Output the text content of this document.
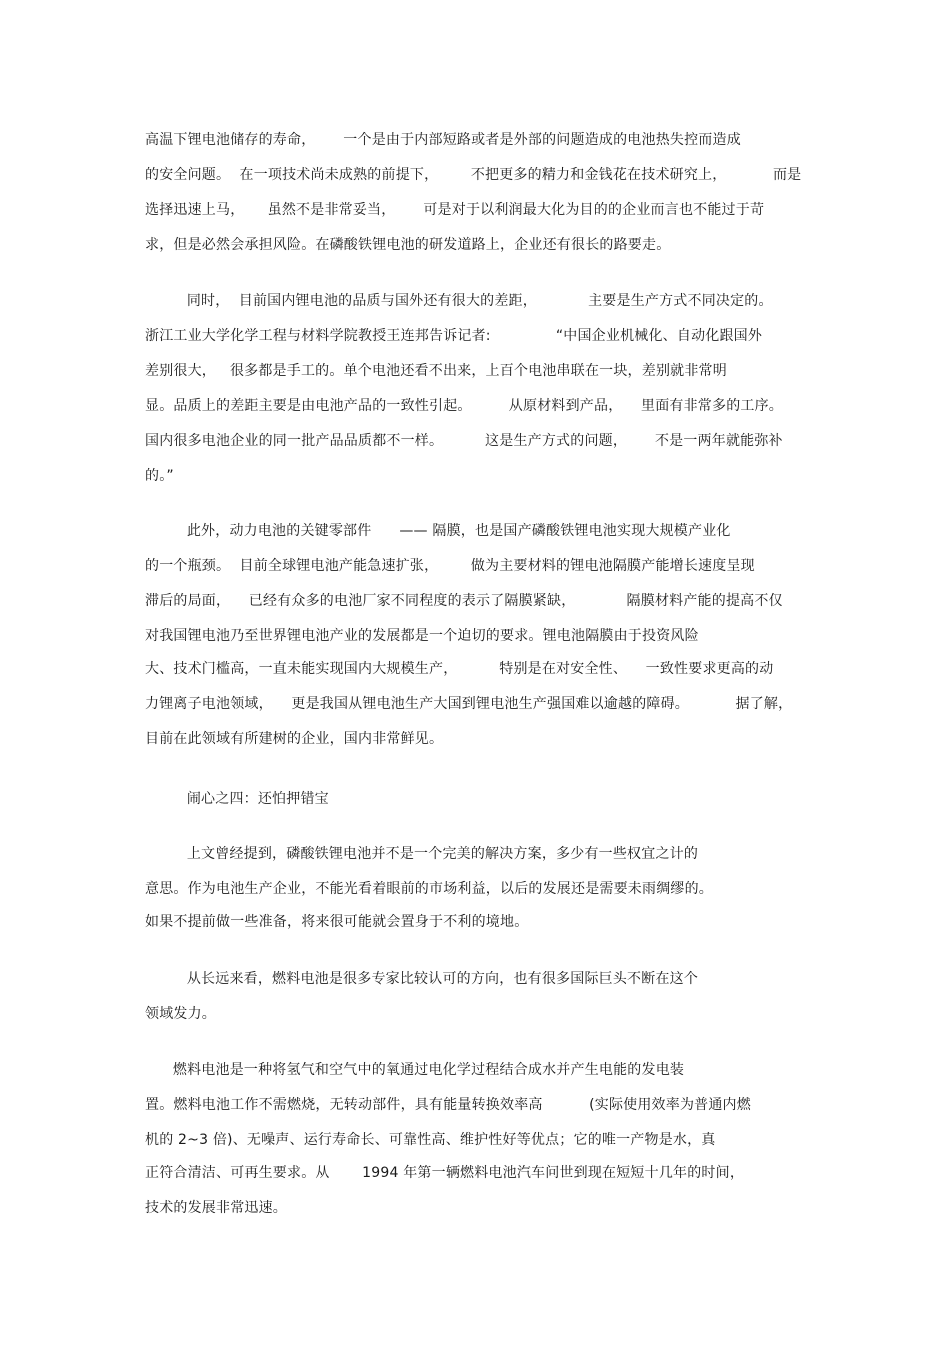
高温下锂电池储存的寿命，      一个是由于内部短路或者是外部的问题造成的电池热失控而造成
的安全问题。  在一项技术尚未成熟的前提下，       不把更多的精力和金钱花在技术研究上，          而是
选择迅速上马，     虽然不是非常妥当，      可是对于以利润最大化为目的的企业而言也不能过于苛
求，但是必然会承担风险。在磷酸铁锂电池的研发道路上，企业还有很长的路要走。
同时，  目前国内锂电池的品质与国外还有很大的差距，           主要是生产方式不同决定的。
浙江工业大学化学工程与材料学院教授王连邦告诉记者:              “中国企业机械化、自动化跟国外
差别很大，   很多都是手工的。单个电池还看不出来，上百个电池串联在一块，差别就非常明
显。品质上的差距主要是由电池产品的一致性引起。        从原材料到产品，    里面有非常多的工序。
国内很多电池企业的同一批产品品质都不一样。         这是生产方式的问题，      不是一两年就能弥补
的。”
此外，动力电池的关键零部件      —— 隔膜，也是国产磷酸铁锂电池实现大规模产业化
的一个瓶颈。  目前全球锂电池产能急速扩张，       做为主要材料的锂电池隔膜产能增长速度呈现
滞后的局面，    已经有众多的电池厂家不同程度的表示了隔膜紧缺，           隔膜材料产能的提高不仅
对我国锂电池乃至世界锂电池产业的发展都是一个迫切的要求。锂电池隔膜由于投资风险
大、技术门槛高，一直未能实现国内大规模生产，         特别是在对安全性、    一致性要求更高的动
力锂离子电池领域，    更是我国从锂电池生产大国到锂电池生产强国难以逾越的障碍。          据了解，
目前在此领域有所建树的企业，国内非常鲜见。
闹心之四：还怕押错宝
上文曾经提到，磷酸铁锂电池并不是一个完美的解决方案，多少有一些权宜之计的
意思。作为电池生产企业，不能光看着眼前的市场利益，以后的发展还是需要未雨绸缪的。
如果不提前做一些准备，将来很可能就会置身于不利的境地。
从长远来看，燃料电池是很多专家比较认可的方向，也有很多国际巨头不断在这个
领域发力。
燃料电池是一种将氢气和空气中的氧通过电化学过程结合成水并产生电能的发电装
置。燃料电池工作不需燃烧，无转动部件，具有能量转换效率高          (实际使用效率为普通内燃
机的 2~3 倍)、无噪声、运行寿命长、可靠性高、维护性好等优点；它的唯一产物是水，真
正符合清洁、可再生要求。从       1994 年第一辆燃料电池汽车问世到现在短短十几年的时间，
技术的发展非常迅速。
